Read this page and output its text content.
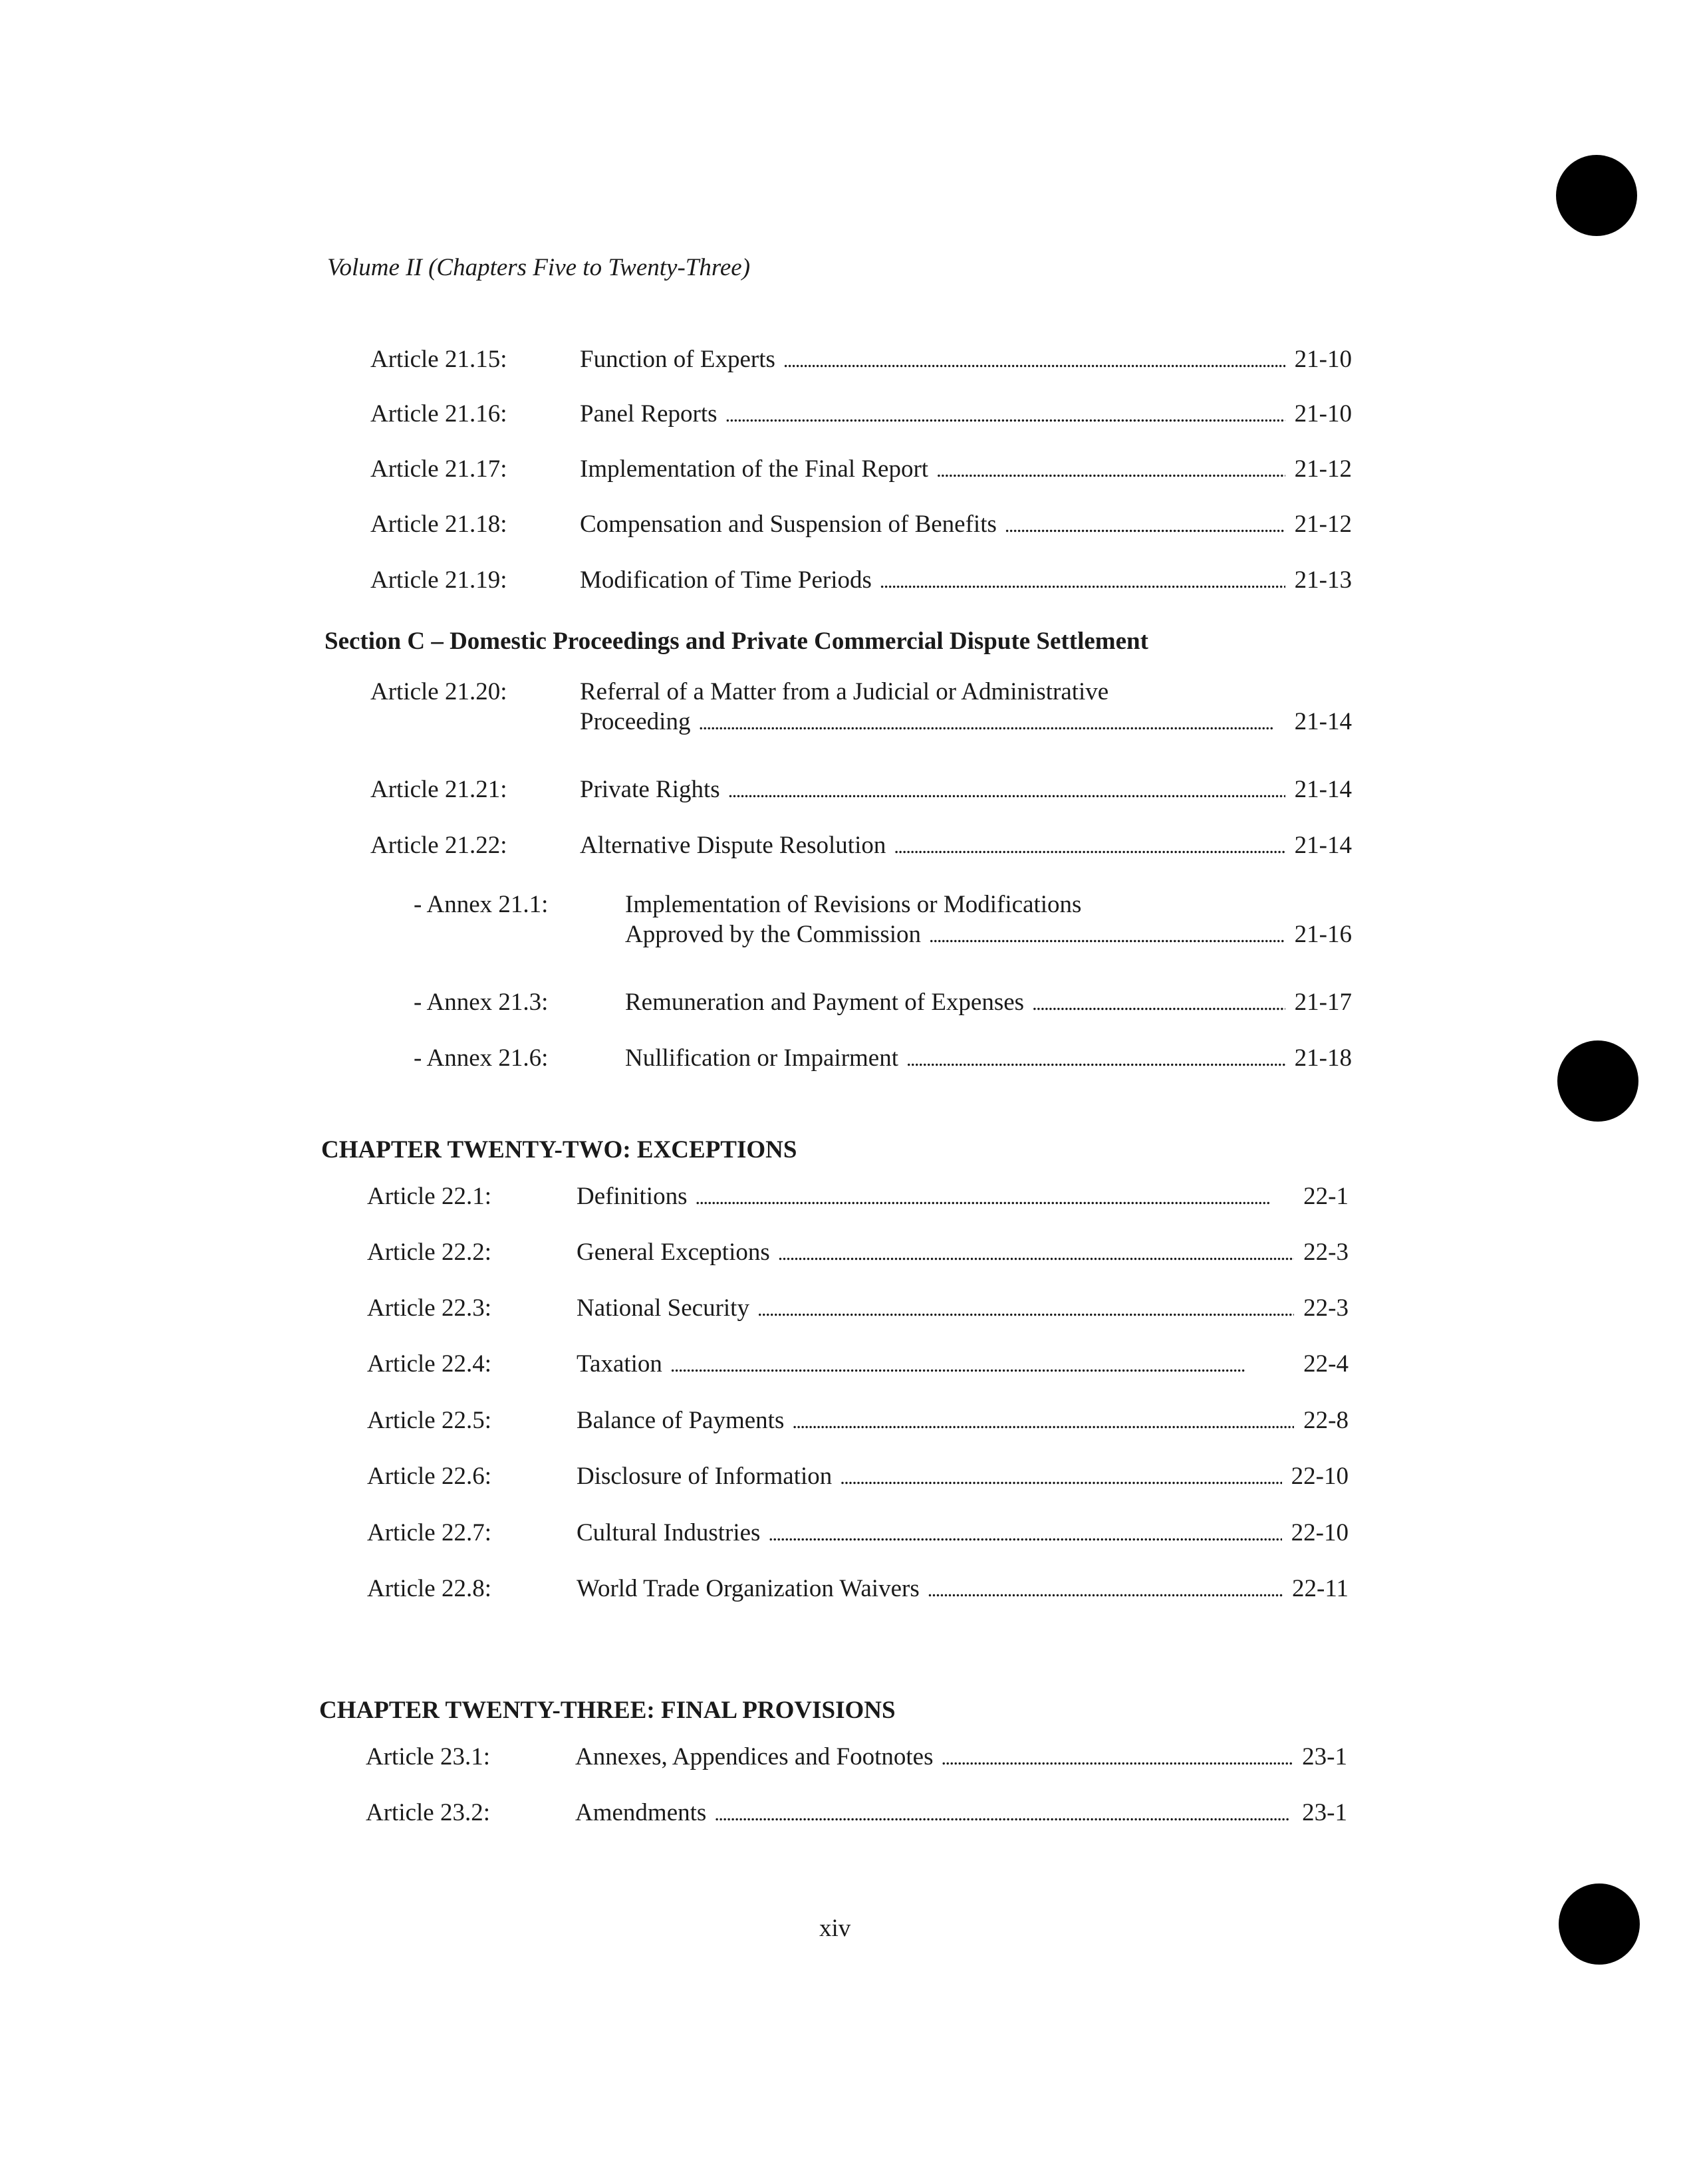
Volume II (Chapters Five to Twenty-Three)
Article 21.15:	Function of Experts . . .	21-10
Article 21.16:	Panel Reports . . .	21-10
Article 21.17:	Implementation of the Final Report . . .	21-12
Article 21.18:	Compensation and Suspension of Benefits . . .	21-12
Article 21.19:	Modification of Time Periods . . .	21-13
Article 21.20:	Referral of a Matter from a Judicial or Administrative
Proceeding . . .	21-14
Article 21.21:	Private Rights . . .	21-14
Article 21.22:	Alternative Dispute Resolution . . .	21-14
- Annex 21.1:	Implementation of Revisions or Modifications
Approved by the Commission . . .	21-16
- Annex 21.3:	Remuneration and Payment of Expenses . . .	21-17
- Annex 21.6:	Nullification or Impairment . . .	21-18
Section C – Domestic Proceedings and Private Commercial Dispute Settlement
CHAPTER TWENTY-TWO: EXCEPTIONS
Article 22.1:	Definitions . . .	22-1
Article 22.2:	General Exceptions . . .	22-3
Article 22.3:	National Security . . .	22-3
Article 22.4:	Taxation . . .	22-4
Article 22.5:	Balance of Payments . . .	22-8
Article 22.6:	Disclosure of Information . . .	22-10
Article 22.7:	Cultural Industries . . .	22-10
Article 22.8:	World Trade Organization Waivers . . .	22-11
CHAPTER TWENTY-THREE: FINAL PROVISIONS
Article 23.1:	Annexes, Appendices and Footnotes . . .	23-1
Article 23.2:	Amendments . . .	23-1
xiv
